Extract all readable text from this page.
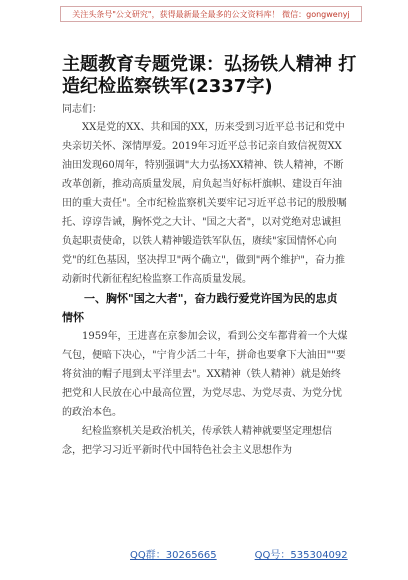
关注头条号"公文研究"，获得最新最全最多的公文资料库！ 微信：gongwenyj
主题教育专题党课：弘扬铁人精神 打造纪检监察铁军(2337字)
同志们：

XX是党的XX、共和国的XX，历来受到习近平总书记和党中央亲切关怀、深情厚爱。2019年习近平总书记亲自致信祝贺XX油田发现60周年，特别强调"大力弘扬XX精神、铁人精神，不断改革创新，推动高质量发展，肩负起当好标杆旗帜、建设百年油田的重大责任"。全市纪检监察机关要牢记习近平总书记的殷殷嘱托、谆谆告诫，胸怀党之大计、"国之大者"，以对党绝对忠诚担负起职责使命，以铁人精神锻造铁军队伍，赓续"家国情怀心向党"的红色基因，坚决捍卫"两个确立"，做到"两个维护"，奋力推动新时代新征程纪检监察工作高质量发展。

一、胸怀"国之大者"，奋力践行爱党许国为民的忠贞情怀

1959年，王进喜在京参加会议，看到公交车都背着一个大煤气包，便暗下决心，"宁肯少活二十年，拼命也要拿下大油田""要将贫油的帽子甩到太平洋里去"。XX精神（铁人精神）就是始终把党和人民放在心中最高位置，为党尽忠、为党尽责、为党分忧的政治本色。

纪检监察机关是政治机关，传承铁人精神就要坚定理想信念，把学习习近平新时代中国特色社会主义思想作为

QQ群：30265665	QQ号：535304092
